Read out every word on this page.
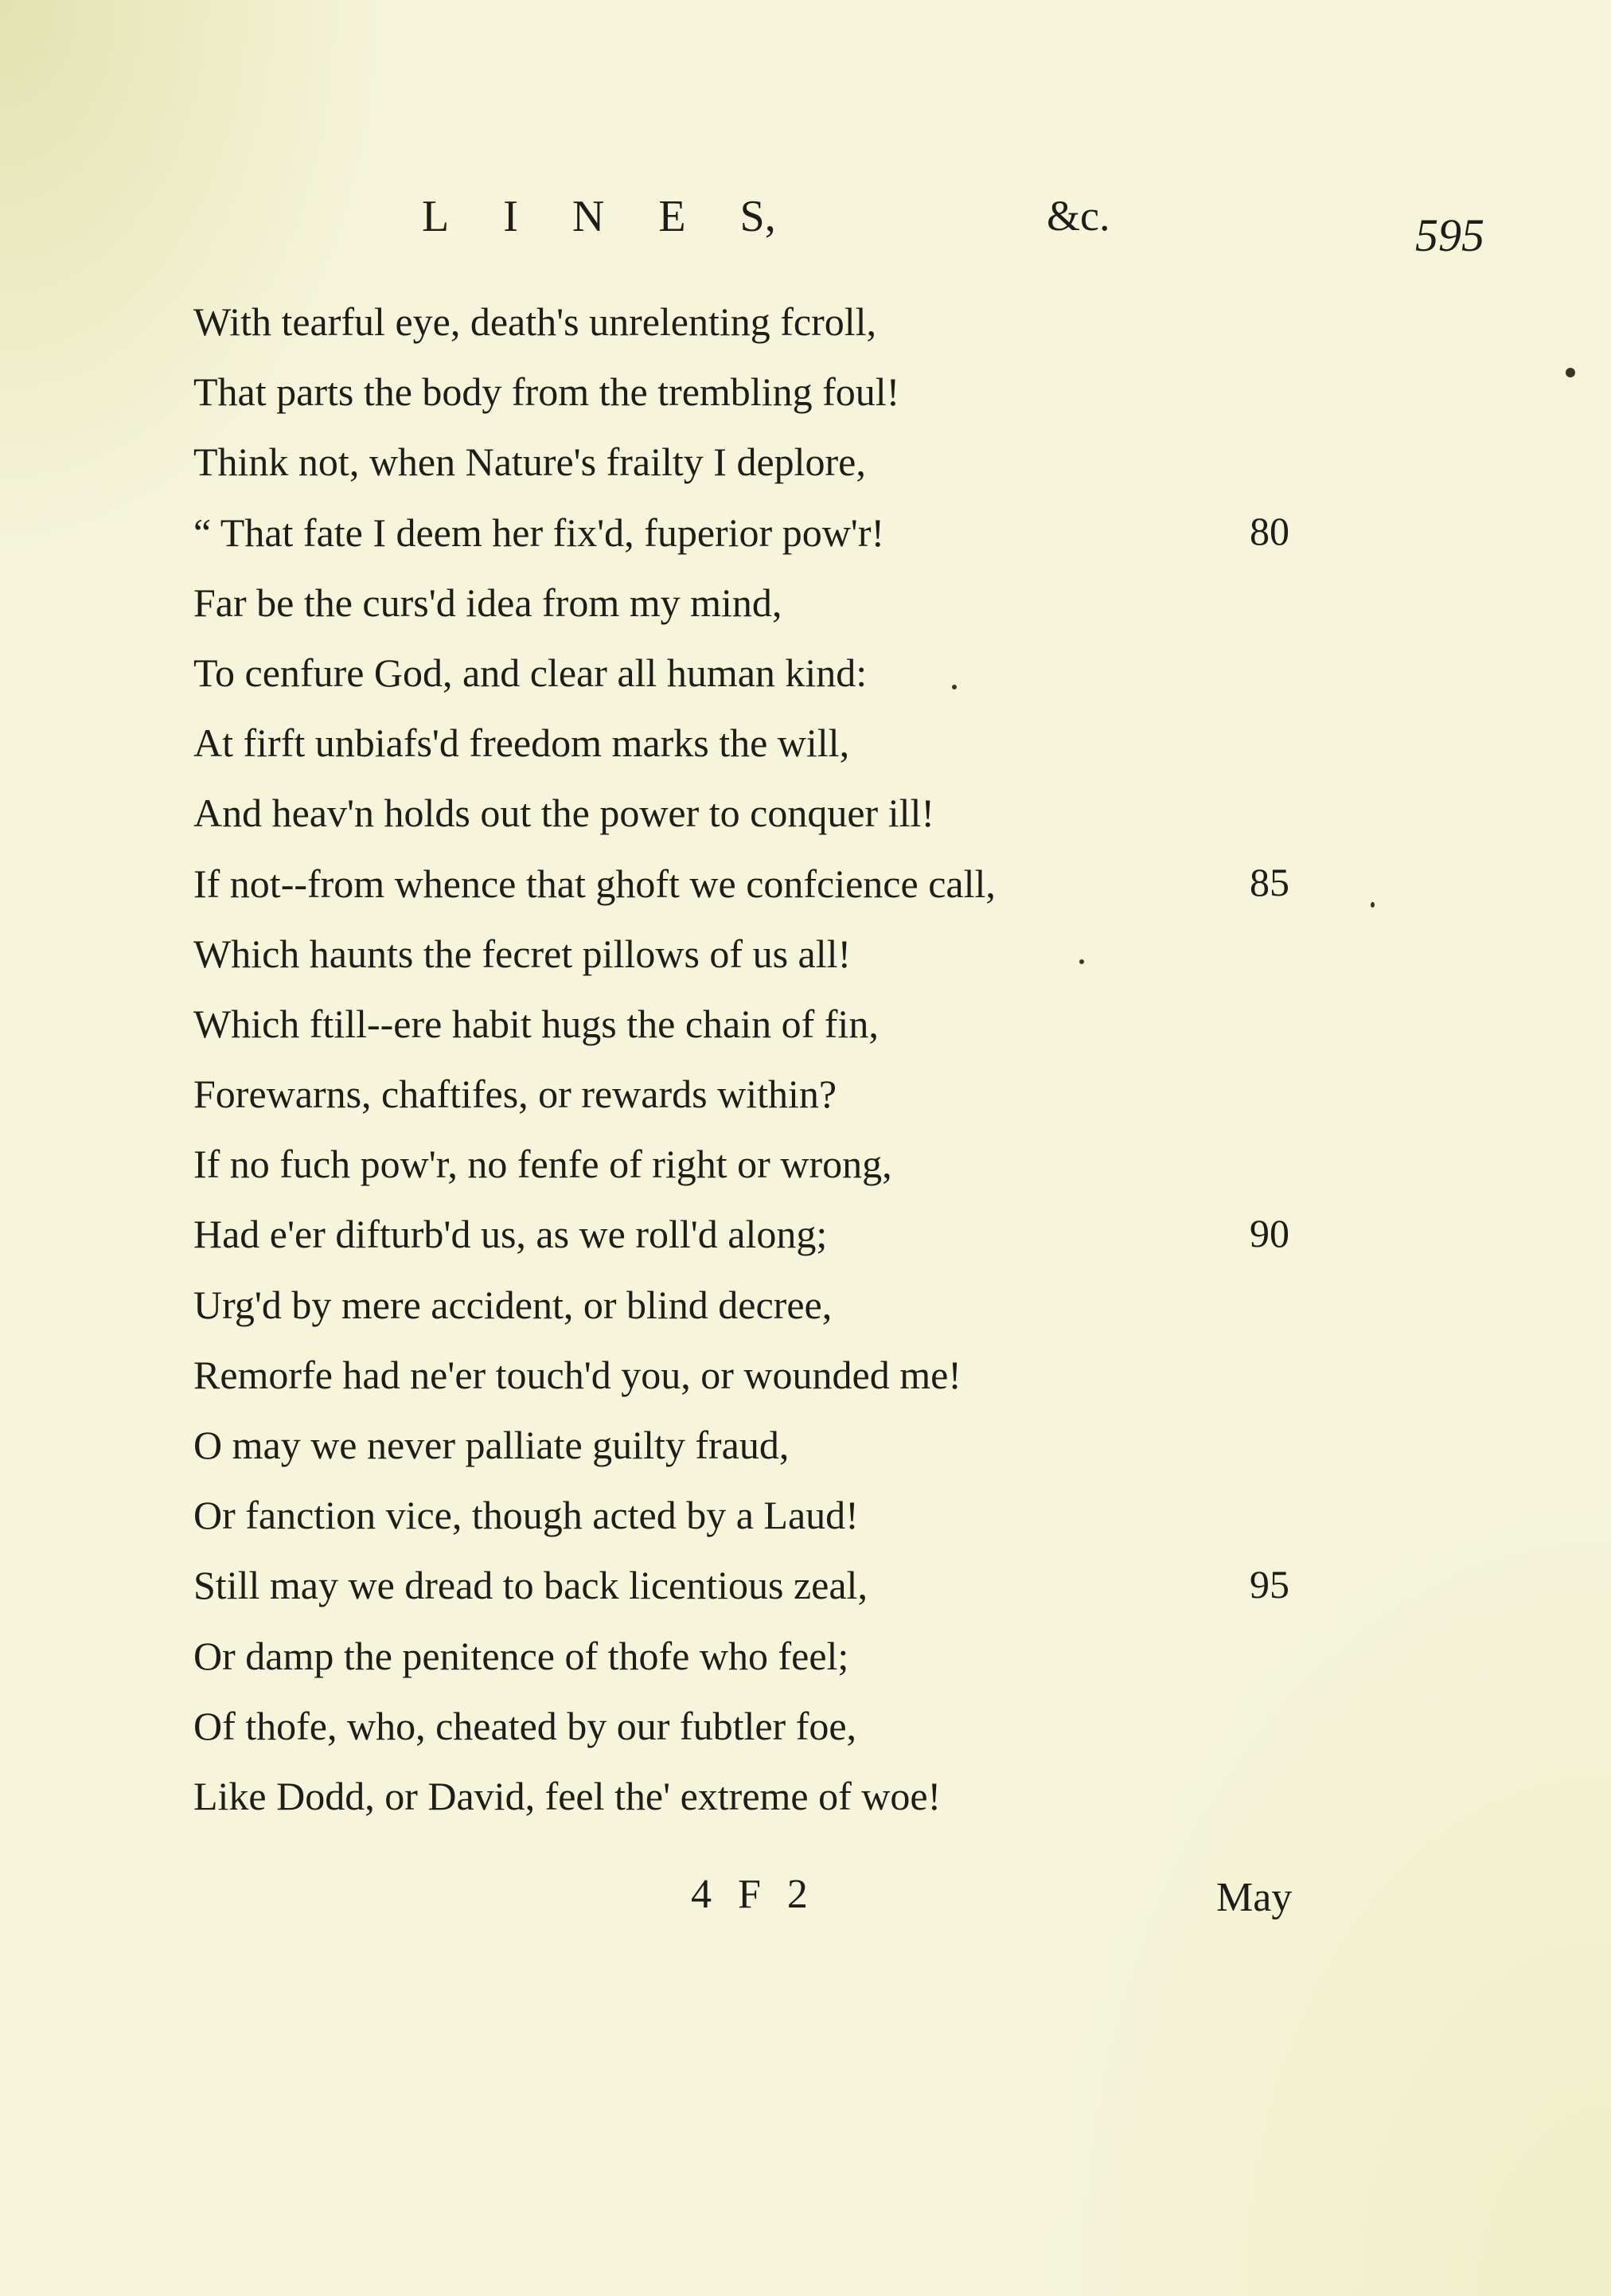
L I N E S,	&c.	595
With tearful eye, death's unrelenting fcroll,
That parts the body from the trembling foul!
Think not, when Nature's frailty I deplore,
“ That fate I deem her fix'd, fuperior pow'r!
Far be the curs'd idea from my mind,
To cenfure God, and clear all human kind:
At firft unbiafs'd freedom marks the will,
And heav'n holds out the power to conquer ill!
If not--from whence that ghoft we confcience call,
Which haunts the fecret pillows of us all!
Which ftill--ere habit hugs the chain of fin,
Forewarns, chaftifes, or rewards within?
If no fuch pow'r, no fenfe of right or wrong,
Had e'er difturb'd us, as we roll'd along;
Urg'd by mere accident, or blind decree,
Remorfe had ne'er touch'd you, or wounded me!
O may we never palliate guilty fraud,
Or fanction vice, though acted by a Laud!
Still may we dread to back licentious zeal,
Or damp the penitence of thofe who feel;
Of thofe, who, cheated by our fubtler foe,
Like Dodd, or David, feel the' extreme of woe!
80
85
90
95
4 F 2	May
